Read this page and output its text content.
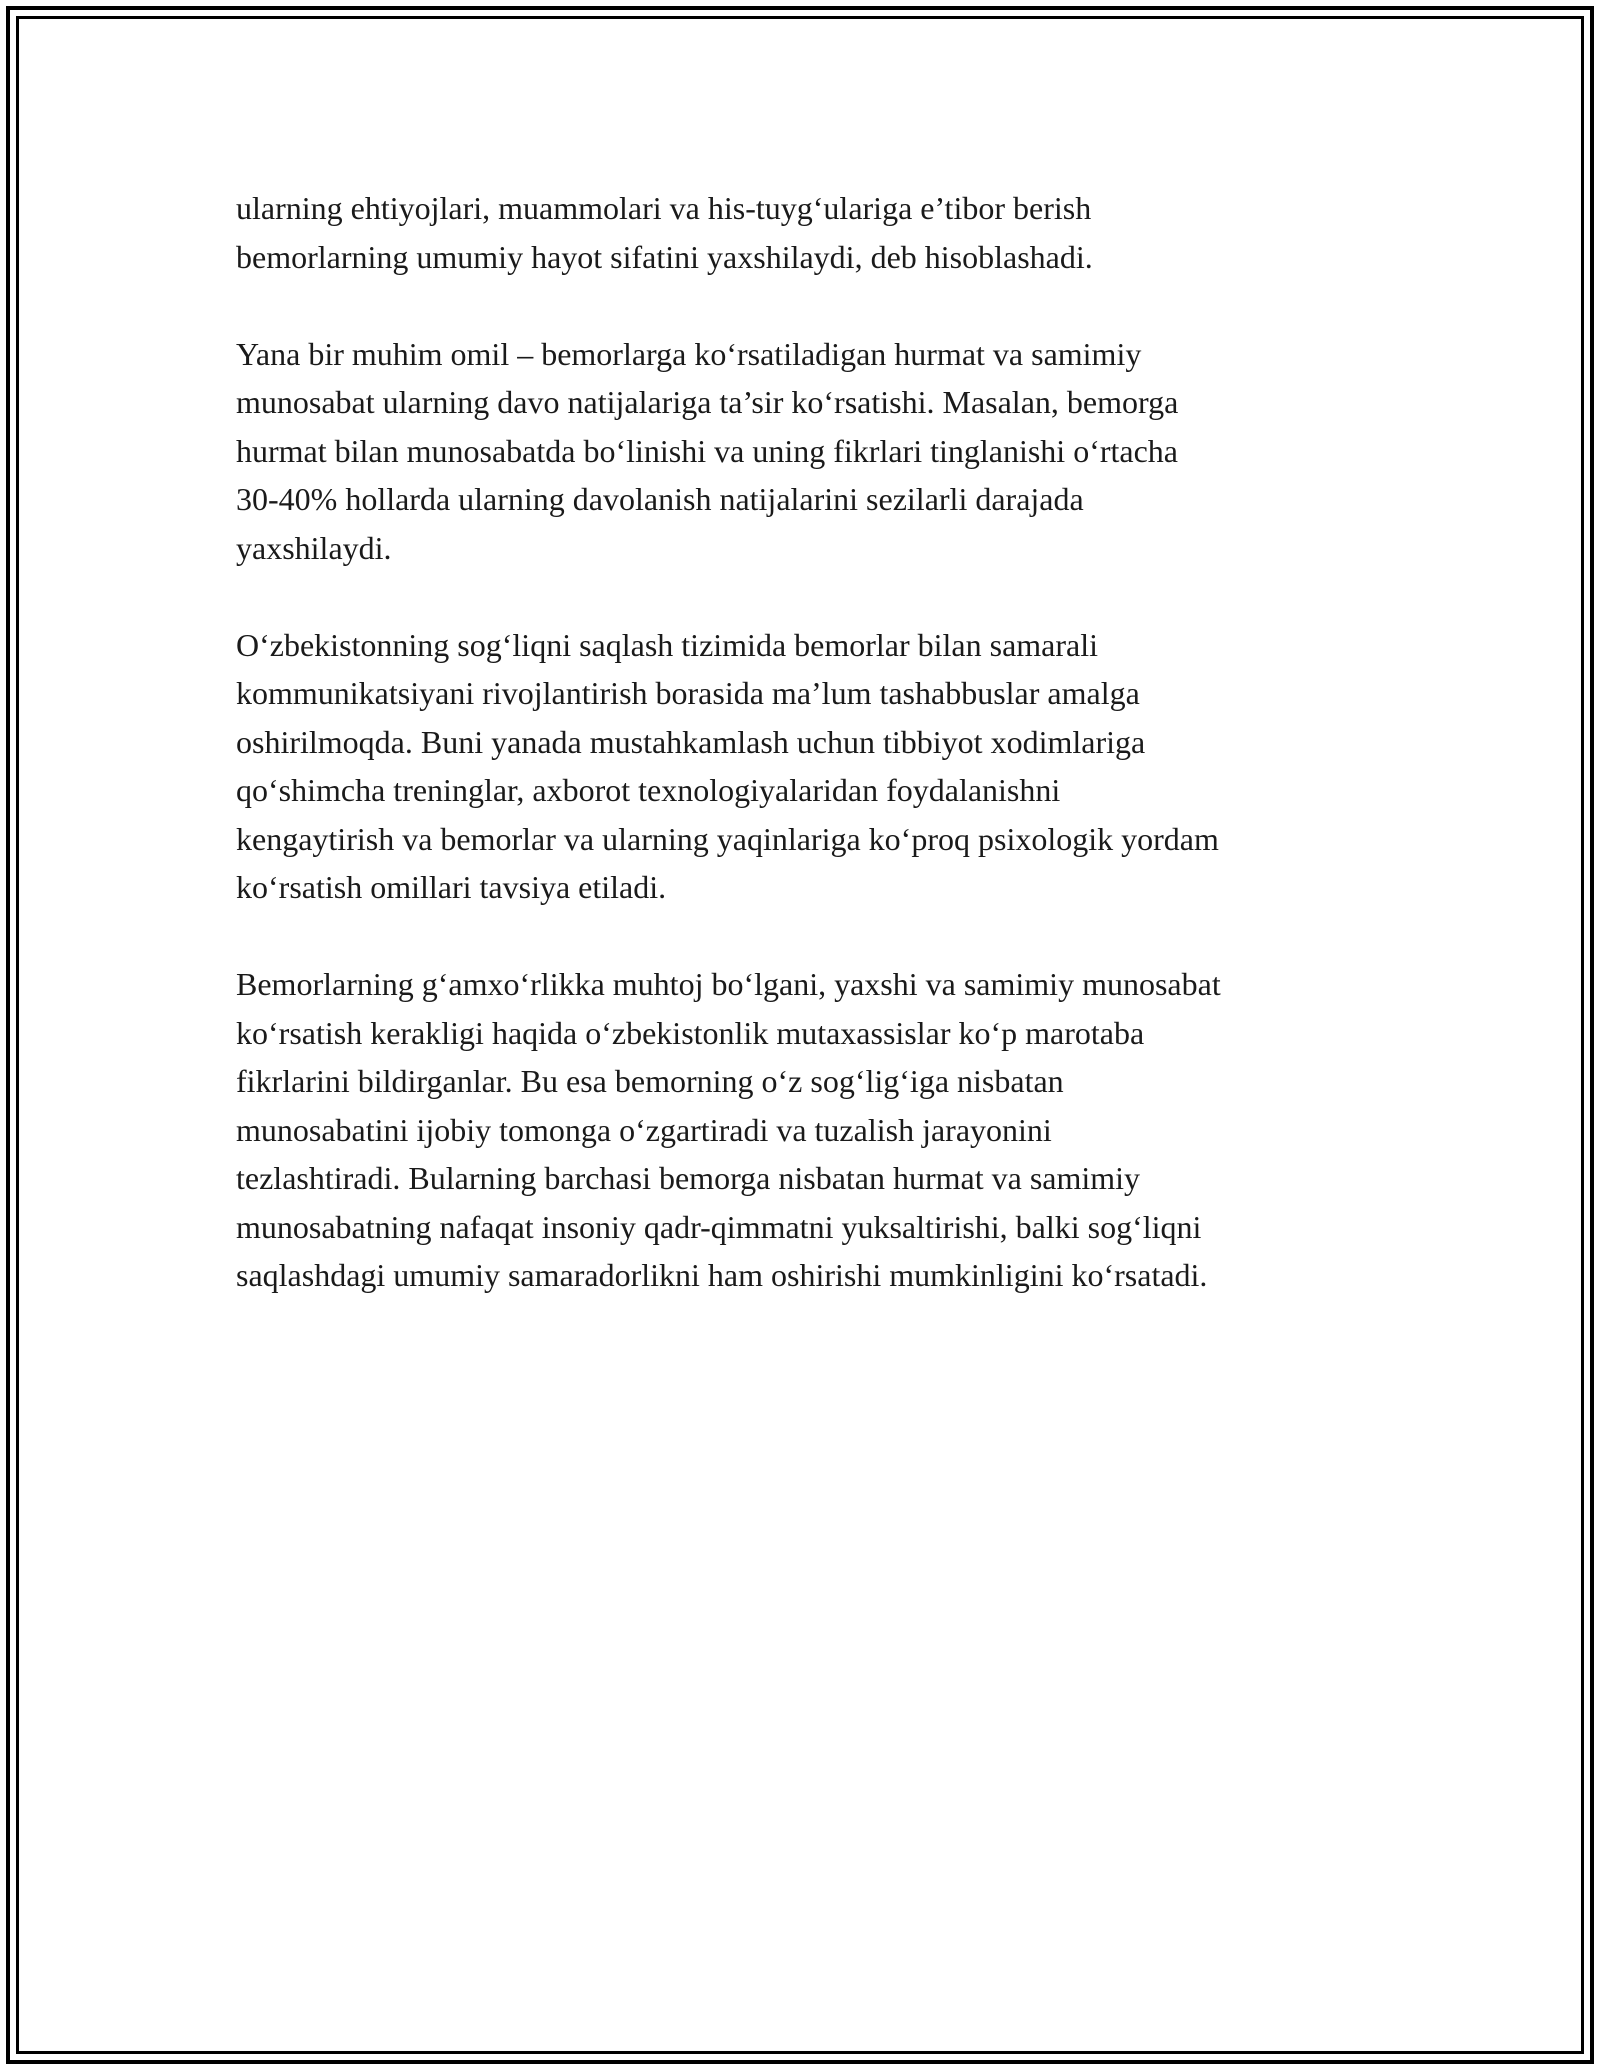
ularning ehtiyojlari, muammolari va his-tuyg‘ulariga e’tibor berish
bemorlarning umumiy hayot sifatini yaxshilaydi, deb hisoblashadi.

Yana bir muhim omil – bemorlarga ko‘rsatiladigan hurmat va samimiy
munosabat ularning davo natijalariga ta’sir ko‘rsatishi. Masalan, bemorga
hurmat bilan munosabatda bo‘linishi va uning fikrlari tinglanishi o‘rtacha
30-40% hollarda ularning davolanish natijalarini sezilarli darajada
yaxshilaydi.

O‘zbekistonning sog‘liqni saqlash tizimida bemorlar bilan samarali
kommunikatsiyani rivojlantirish borasida ma’lum tashabbuslar amalga
oshirilmoqda. Buni yanada mustahkamlash uchun tibbiyot xodimlariga
qo‘shimcha treninglar, axborot texnologiyalaridan foydalanishni
kengaytirish va bemorlar va ularning yaqinlariga ko‘proq psixologik yordam
ko‘rsatish omillari tavsiya etiladi.

Bemorlarning g‘amxo‘rlikka muhtoj bo‘lgani, yaxshi va samimiy munosabat
ko‘rsatish kerakligi haqida o‘zbekistonlik mutaxassislar ko‘p marotaba
fikrlarini bildirganlar. Bu esa bemorning o‘z sog‘lig‘iga nisbatan
munosabatini ijobiy tomonga o‘zgartiradi va tuzalish jarayonini
tezlashtiradi. Bularning barchasi bemorga nisbatan hurmat va samimiy
munosabatning nafaqat insoniy qadr-qimmatni yuksaltirishi, balki sog‘liqni
saqlashdagi umumiy samaradorlikni ham oshirishi mumkinligini ko‘rsatadi.
